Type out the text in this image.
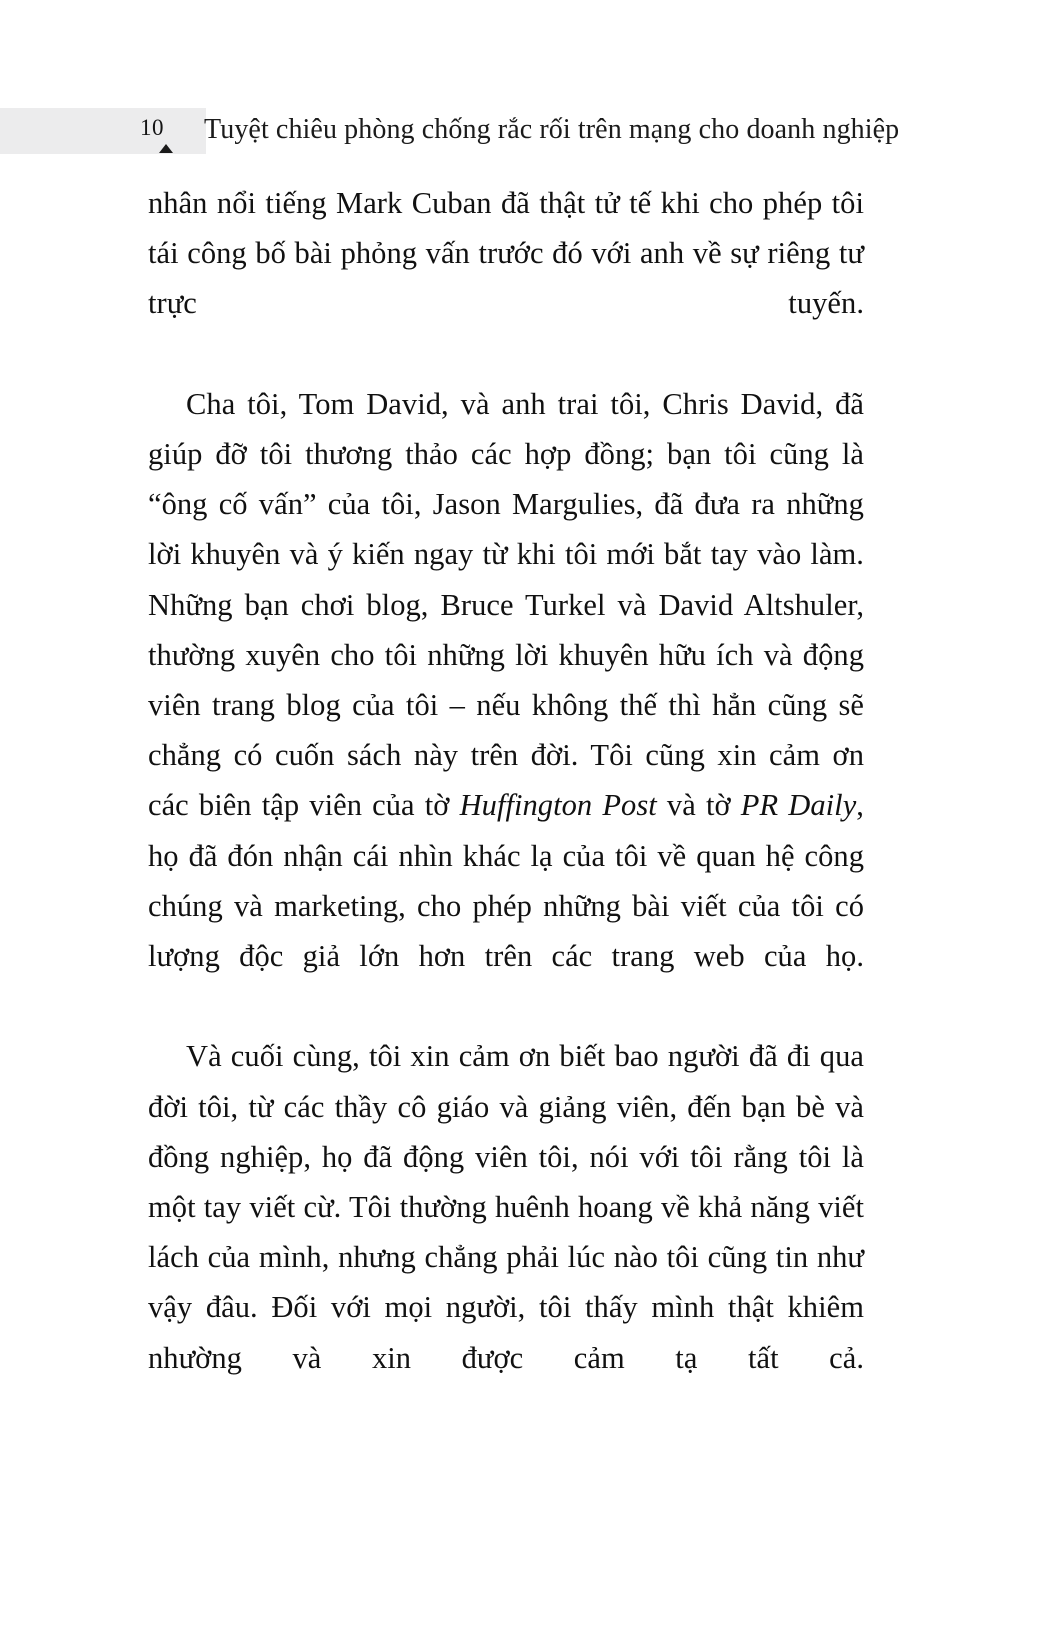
10	Tuyệt chiêu phòng chống rắc rối trên mạng cho doanh nghiệp

nhân nổi tiếng Mark Cuban đã thật tử tế khi cho phép tôi tái công bố bài phỏng vấn trước đó với anh về sự riêng tư trực tuyến.

Cha tôi, Tom David, và anh trai tôi, Chris David, đã giúp đỡ tôi thương thảo các hợp đồng; bạn tôi cũng là “ông cố vấn” của tôi, Jason Margulies, đã đưa ra những lời khuyên và ý kiến ngay từ khi tôi mới bắt tay vào làm. Những bạn chơi blog, Bruce Turkel và David Altshuler, thường xuyên cho tôi những lời khuyên hữu ích và động viên trang blog của tôi – nếu không thế thì hẳn cũng sẽ chẳng có cuốn sách này trên đời. Tôi cũng xin cảm ơn các biên tập viên của tờ Huffington Post và tờ PR Daily, họ đã đón nhận cái nhìn khác lạ của tôi về quan hệ công chúng và marketing, cho phép những bài viết của tôi có lượng độc giả lớn hơn trên các trang web của họ.

Và cuối cùng, tôi xin cảm ơn biết bao người đã đi qua đời tôi, từ các thầy cô giáo và giảng viên, đến bạn bè và đồng nghiệp, họ đã động viên tôi, nói với tôi rằng tôi là một tay viết cừ. Tôi thường huênh hoang về khả năng viết lách của mình, nhưng chẳng phải lúc nào tôi cũng tin như vậy đâu. Đối với mọi người, tôi thấy mình thật khiêm nhường và xin được cảm tạ tất cả.
